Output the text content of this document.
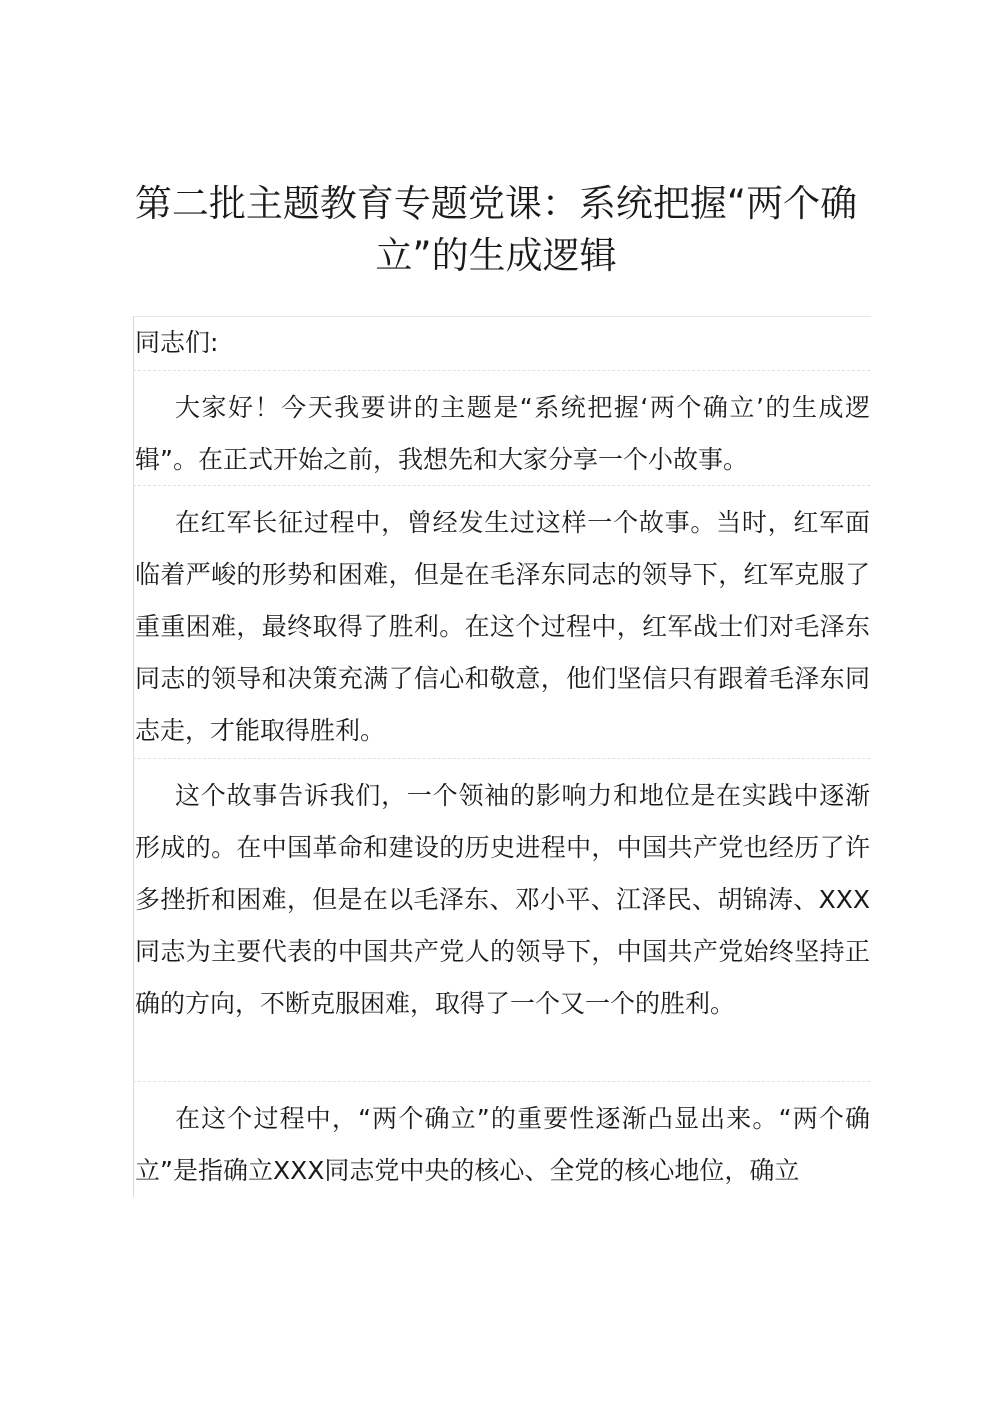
第二批主题教育专题党课：系统把握“两个确立”的生成逻辑

同志们:

大家好！今天我要讲的主题是“系统把握‘两个确立’的生成逻辑”。在正式开始之前，我想先和大家分享一个小故事。

在红军长征过程中，曾经发生过这样一个故事。当时，红军面临着严峻的形势和困难，但是在毛泽东同志的领导下，红军克服了重重困难，最终取得了胜利。在这个过程中，红军战士们对毛泽东同志的领导和决策充满了信心和敬意，他们坚信只有跟着毛泽东同志走，才能取得胜利。

这个故事告诉我们，一个领袖的影响力和地位是在实践中逐渐形成的。在中国革命和建设的历史进程中，中国共产党也经历了许多挫折和困难，但是在以毛泽东、邓小平、江泽民、胡锦涛、XXX同志为主要代表的中国共产党人的领导下，中国共产党始终坚持正确的方向，不断克服困难，取得了一个又一个的胜利。

在这个过程中，“两个确立”的重要性逐渐凸显出来。“两个确立”是指确立XXX同志党中央的核心、全党的核心地位，确立
